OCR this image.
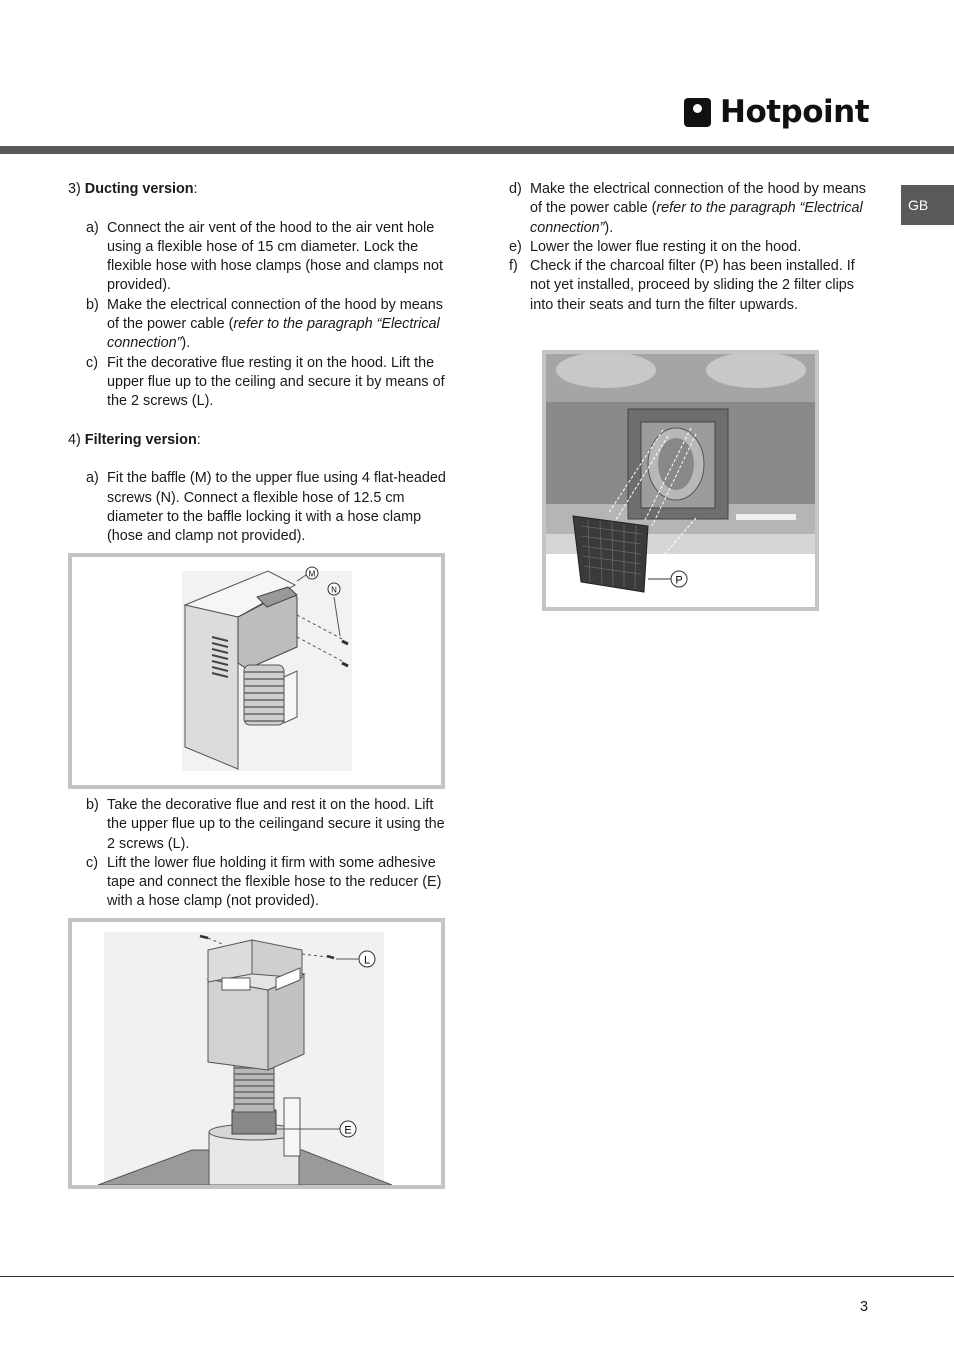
Hotpoint
GB

3) Ducting version:

a) Connect the air vent of the hood to the air vent hole using a flexible hose of 15 cm diameter. Lock the flexible hose with hose clamps (hose and clamps not provided).
b) Make the electrical connection of the hood by means of the power cable (refer to the paragraph “Electrical connection”).
c) Fit the decorative flue resting it on the hood. Lift the upper flue up to the ceiling and secure it by means of the 2 screws (L).

4) Filtering version:

a) Fit the baffle (M) to the upper flue using 4 flat-headed screws (N). Connect a flexible hose of 12.5 cm diameter to the baffle locking it with a hose clamp (hose and clamp not provided).
M
N
b) Take the decorative flue and rest it on the hood. Lift the upper flue up to the ceilingand secure it using the 2 screws (L).
c) Lift the lower flue holding it firm with some adhesive tape and connect the flexible hose to the reducer (E) with a hose clamp (not provided).
L
E
d) Make the electrical connection of the hood by means of the power cable (refer to the paragraph “Electrical connection”).
e) Lower the lower flue resting it on the hood.
f) Check if the charcoal filter (P) has been installed. If not yet installed, proceed by sliding the 2 filter clips into their seats and turn the filter upwards.
P
3
